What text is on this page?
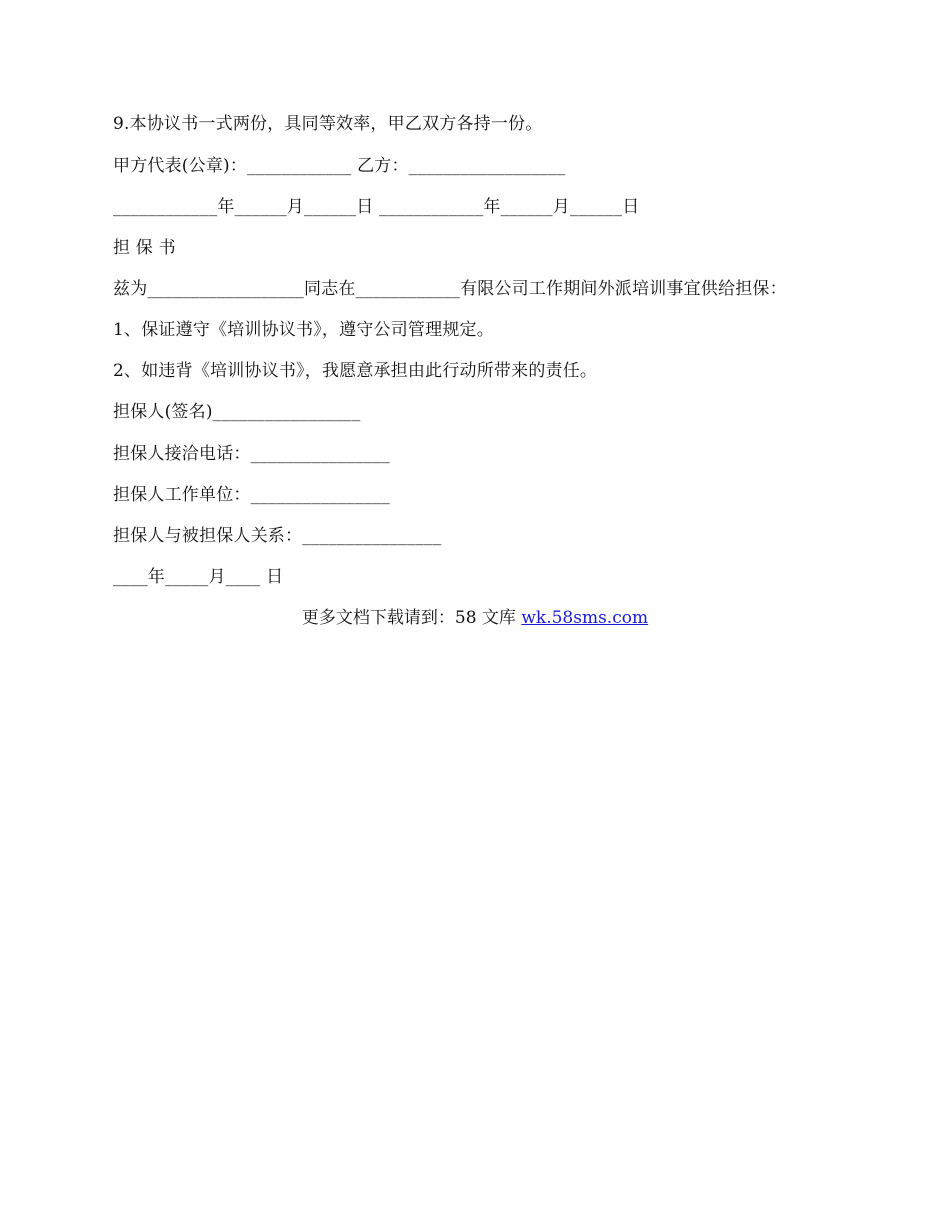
9.本协议书一式两份，具同等效率，甲乙双方各持一份。
甲方代表(公章)：____________ 乙方：__________________
____________年______月______日 ____________年______月______日
担 保 书
兹为__________________同志在____________有限公司工作期间外派培训事宜供给担保：
1、保证遵守《培训协议书》，遵守公司管理规定。
2、如违背《培训协议书》，我愿意承担由此行动所带来的责任。
担保人(签名)_________________
担保人接洽电话：________________
担保人工作单位：________________
担保人与被担保人关系：________________
____年_____月____ 日
更多文档下载请到：58 文库 wk.58sms.com
